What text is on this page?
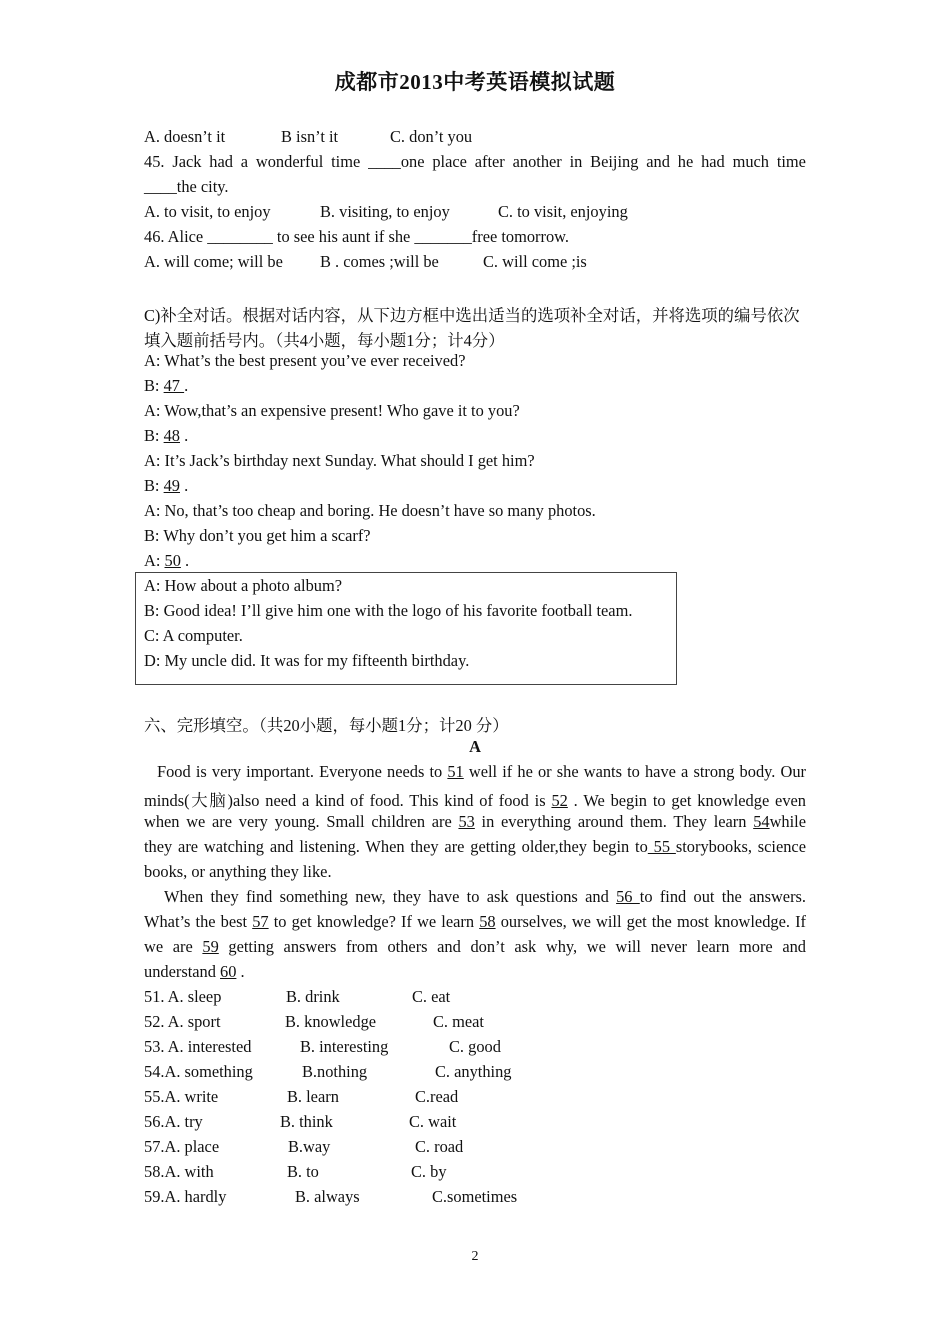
成都市2013中考英语模拟试题
A. doesn’t it	B isn’t it	C. don’t you
45. Jack had a wonderful time ____one place after another in Beijing and he had much time
____the city.
A. to visit, to enjoy	B. visiting, to enjoy	C. to visit, enjoying
46. Alice ________ to see his aunt if she _______free tomorrow.
A. will come; will be B . comes ;will be	C. will come ;is
C)补全对话。根据对话内容，从下边方框中选出适当的选项补全对话，并将选项的编号依次
填入题前括号内。（共4小题，每小题1分；计4分）
A: What’s the best present you’ve ever received?
B: 47 .
A: Wow,that’s an expensive present! Who gave it to you?
B: 48 .
A: It’s Jack’s birthday next Sunday. What should I get him?
B: 49 .
A: No, that’s too cheap and boring. He doesn’t have so many photos.
B: Why don’t you get him a scarf?
A: 50 .
A: How about a photo album?
B: Good idea! I’ll give him one with the logo of his favorite football team.
C: A computer.
D: My uncle did. It was for my fifteenth birthday.
六、完形填空。（共20小题，每小题1分；计20 分）
A
Food is very important. Everyone needs to 51 well if he or she wants to have a strong body. Our
minds(大脑)also need a kind of food. This kind of food is 52 . We begin to get knowledge even
when we are very young. Small children are 53 in everything around them. They learn 54while
they are watching and listening. When they are getting older,they begin to 55 storybooks, science
books, or anything they like.
When they find something new, they have to ask questions and 56 to find out the answers.
What’s the best 57 to get knowledge? If we learn 58 ourselves, we will get the most knowledge. If
we are 59 getting answers from others and don’t ask why, we will never learn more and
understand 60 .
51. A. sleep	B. drink	C. eat
52. A. sport	B. knowledge	C. meat
53. A. interested	B. interesting	C. good
54.A. something	B.nothing	C. anything
55.A. write	B. learn	C.read
56.A. try	B. think	C. wait
57.A. place	B.way	C. road
58.A. with	B. to	C. by
59.A. hardly	B. always	C.sometimes
2
